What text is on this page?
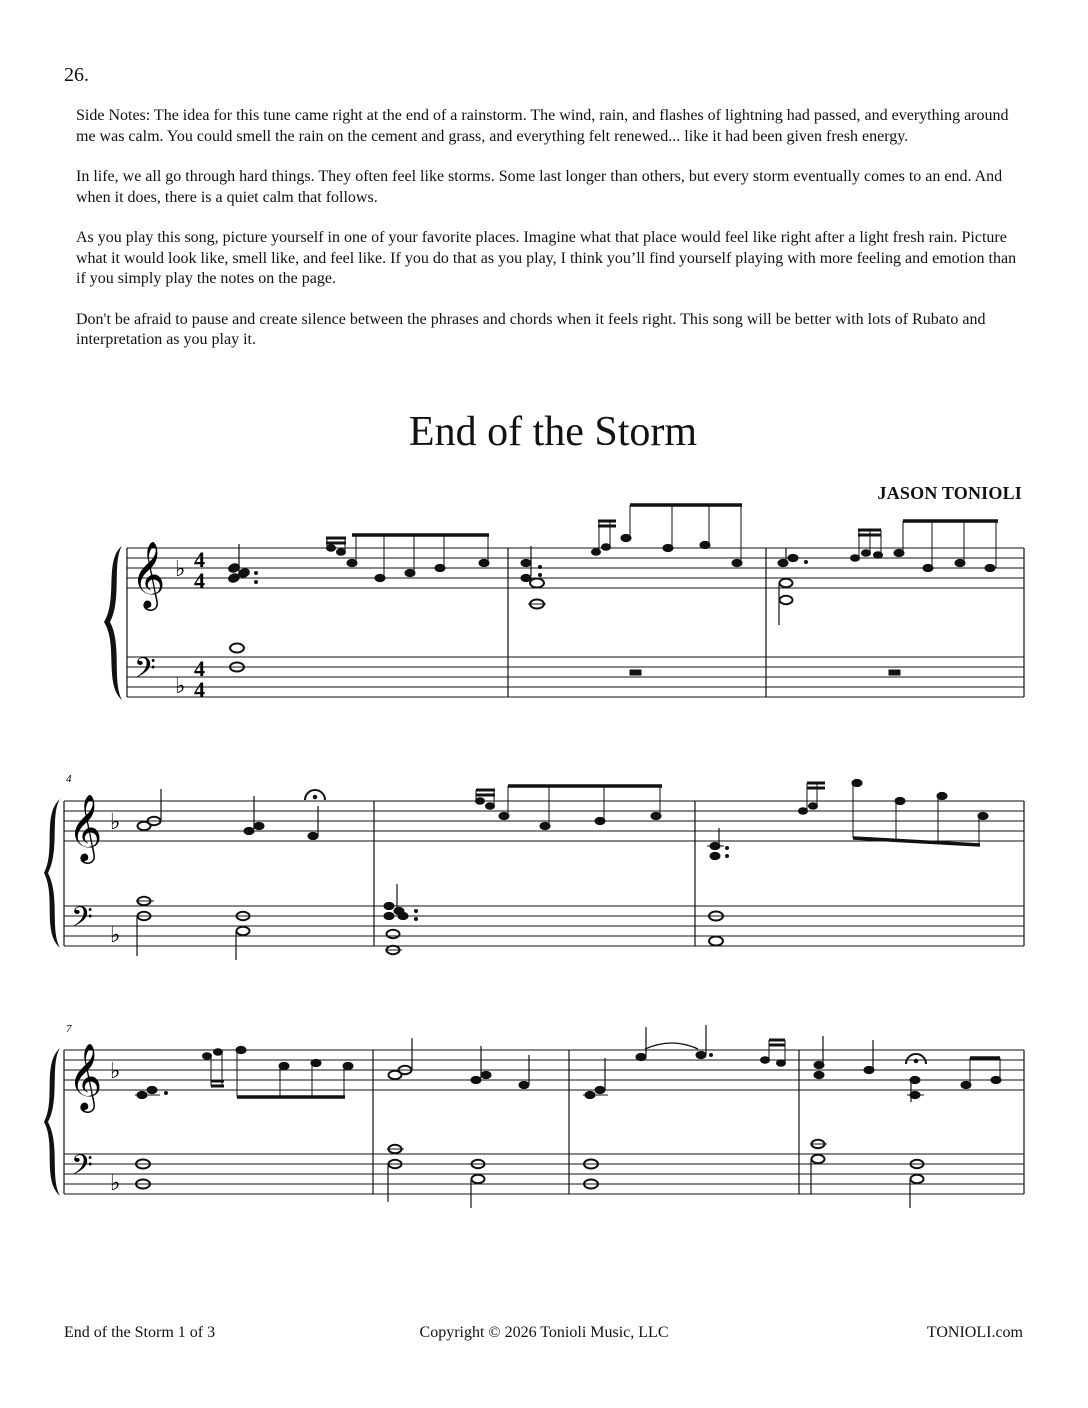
26.

Side Notes: The idea for this tune came right at the end of a rainstorm. The wind, rain, and flashes of lightning had passed, and everything around me was calm. You could smell the rain on the cement and grass, and everything felt renewed... like it had been given fresh energy.

In life, we all go through hard things. They often feel like storms. Some last longer than others, but every storm eventually comes to an end. And when it does, there is a quiet calm that follows.

As you play this song, picture yourself in one of your favorite places. Imagine what that place would feel like right after a light fresh rain. Picture what it would look like, smell like, and feel like. If you do that as you play, I think you’ll find yourself playing with more feeling and emotion than if you simply play the notes on the page.

Don't be afraid to pause and create silence between the phrases and chords when it feels right. This song will be better with lots of Rubato and interpretation as you play it.

End of the Storm
JASON TONIOLI
𝄞
𝄢
♭
♭
4
4
4
4
4
𝄞
𝄢
♭
♭
7
𝄞
𝄢
♭
♭
End of the Storm 1 of 3	Copyright © 2026 Tonioli Music, LLC	TONIOLI.com
